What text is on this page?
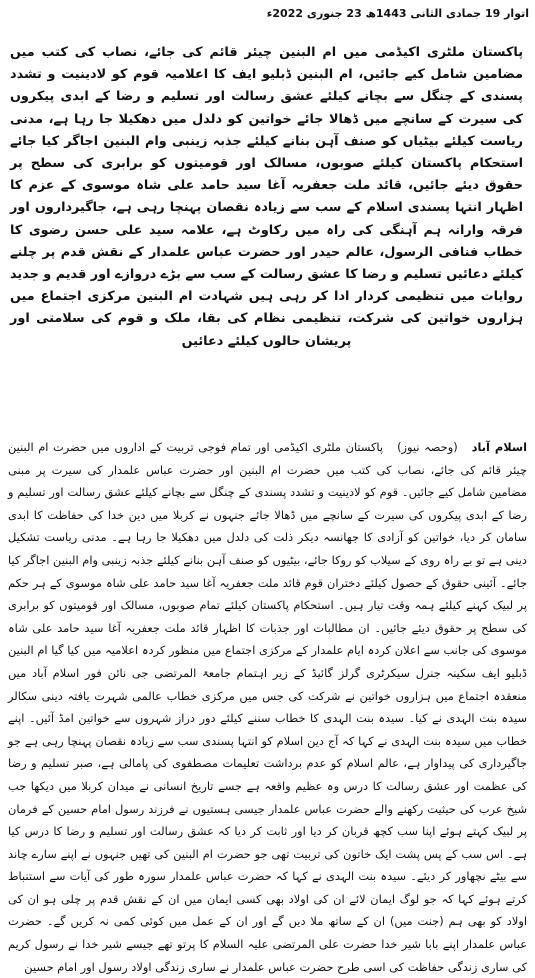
اتوار 19 جمادی الثانی 1443ھ 23 جنوری 2022ء
پاکستان ملٹری اکیڈمی میں ام البنین چیئر قائم کی جائے، نصاب کی کتب میں مضامین شامل کیے جائیں، ام البنین ڈبلیو ایف کا اعلامیہ قوم کو لادینیت و تشدد پسندی کے چنگل سے بچانے کیلئے عشق رسالت اور تسلیم و رضا کے ابدی پیکروں کی سیرت کے سانچے میں ڈھالا جائے خواتین کو دلدل میں دھکیلا جا رہا ہے، مدنی ریاست کیلئے بیٹیاں کو صنف آہن بنانے کیلئے جذبہ زینبی وام البنین اجاگر کیا جائے استحکام پاکستان کیلئے صوبوں، مسالک اور قومیتوں کو برابری کی سطح پر حقوق دیئے جائیں، قائد ملت جعفریہ آغا سید حامد علی شاہ موسوی کے عزم کا اظہار انتہا پسندی اسلام کے سب سے زیادہ نقصان پہنچا رہی ہے، جاگیرداروں اور فرقہ وارانہ ہم آہنگی کی راہ میں رکاوٹ ہے، علامہ سید علی حسن رضوی کا خطاب فنافی الرسول، عالم حیدر اور حضرت عباس علمدار کے نقش قدم پر چلنے کیلئے دعائیں تسلیم و رضا کا عشق رسالت کے سب سے بڑے دروازے اور قدیم و جدید روایات میں تنظیمی کردار ادا کر رہی ہیں شہادت ام البنین مرکزی اجتماع میں ہزاروں خواتین کی شرکت، تنظیمی نظام کی بقا، ملک و قوم کی سلامتی اور پریشان حالوں کیلئے دعائیں
اسلام آباد(وحصہ نیوز)پاکستان ملٹری اکیڈمی اور تمام فوجی تربیت کے اداروں میں حضرت ام البنین چیئر قائم کی جائے، نصاب کی کتب میں حضرت ام البنین اور حضرت عباس علمدار کی سیرت پر مبنی مضامین شامل کیے جائیں۔ قوم کو لادینیت و تشدد پسندی کے چنگل سے بچانے کیلئے عشق رسالت اور تسلیم و رضا کے ابدی پیکروں کی سیرت کے سانچے میں ڈھالا جائے جنہوں نے کربلا میں دین خدا کی حفاظت کا ابدی سامان کر دیا، خواتین کو آزادی کا جھانسہ دیکر ذلت کی دلدل میں دھکیلا جا رہا ہے۔ مدنی ریاست تشکیل دینی ہے تو بے راہ روی کے سیلاب کو روکا جائے، بیٹیوں کو صنف آہن بنانے کیلئے جذبہ زینبی وام البنین اجاگر کیا جائے۔ آئینی حقوق کے حصول کیلئے دختران قوم قائد ملت جعفریہ آغا سید حامد علی شاہ موسوی کے ہر حکم پر لبیک کہنے کیلئے ہمہ وقت تیار ہیں۔ استحکام پاکستان کیلئے تمام صوبوں، مسالک اور قومیتوں کو برابری کی سطح پر حقوق دیئے جائیں۔ ان مطالبات اور جذبات کا اظہار قائد ملت جعفریہ آغا سید حامد علی شاہ موسوی کی جانب سے اعلان کردہ ایام علمدار کے مرکزی اجتماع میں منظور کردہ اعلامیہ میں کیا گیا ام البنین ڈبلیو ایف سکینہ جنرل سیکرٹری گرلز گائیڈ کے زیر اہتمام جامعۃ المرتضی جی نائن فور اسلام آباد میں منعقدہ اجتماع میں ہزاروں خواتین نے شرکت کی جس میں مرکزی خطاب عالمی شہرت یافتہ دینی سکالر سیدہ بنت الہدی نے کیا۔ سیدہ بنت الہدی کا خطاب سننے کیلئے دور دراز شہروں سے خواتین امڈ آئیں۔ اپنے خطاب میں سیدہ بنت الہدی نے کہا کہ آج دین اسلام کو انتہا پسندی سب سے زیادہ نقصان پہنچا رہی ہے جو جاگیرداری کی پیداوار ہے، عالم اسلام کو عدم برداشت تعلیمات مصطفوی کی پامالی ہے، صبر تسلیم و رضا کی عظمت اور عشق رسالت کا درس وہ عظیم واقعہ ہے جسے تاریخ انسانی نے میدان کربلا میں دیکھا جب شیخ عرب کی حیثیت رکھنے والے حضرت عباس علمدار جیسی ہستیوں نے فرزند رسول امام حسین کے فرمان پر لبیک کہتے ہوئے اپنا سب کچھ قربان کر دیا اور ثابت کر دیا کہ عشق رسالت اور تسلیم و رضا کا درس کیا ہے۔ اس سب کے پس پشت ایک خاتون کی تربیت تھی جو حضرت ام البنین کی تھیں جنہوں نے اپنے سارے چاند سے بیٹے نچھاور کر دیئے۔ سیدہ بنت الہدی نے کہا کہ حضرت عباس علمدار سورہ طور کی آیات سے استنباط کرتے ہوئے کہا کہ جو لوگ ایمان لائے ان کی اولاد بھی کسی ایمان میں ان کے نقش قدم پر چلی ہو ان کی اولاد کو بھی ہم (جنت میں) ان کے ساتھ ملا دیں گے اور ان کے عمل میں کوئی کمی نہ کریں گے۔ حضرت عباس علمدار اپنے بابا شیر خدا حضرت علی المرتضی علیہ السلام کا پرتو تھے جیسے شیر خدا نے رسول کریم کی ساری زندگی حفاظت کی اسی طرح حضرت عباس علمدار نے ساری زندگی اولاد رسول اور امام حسین
